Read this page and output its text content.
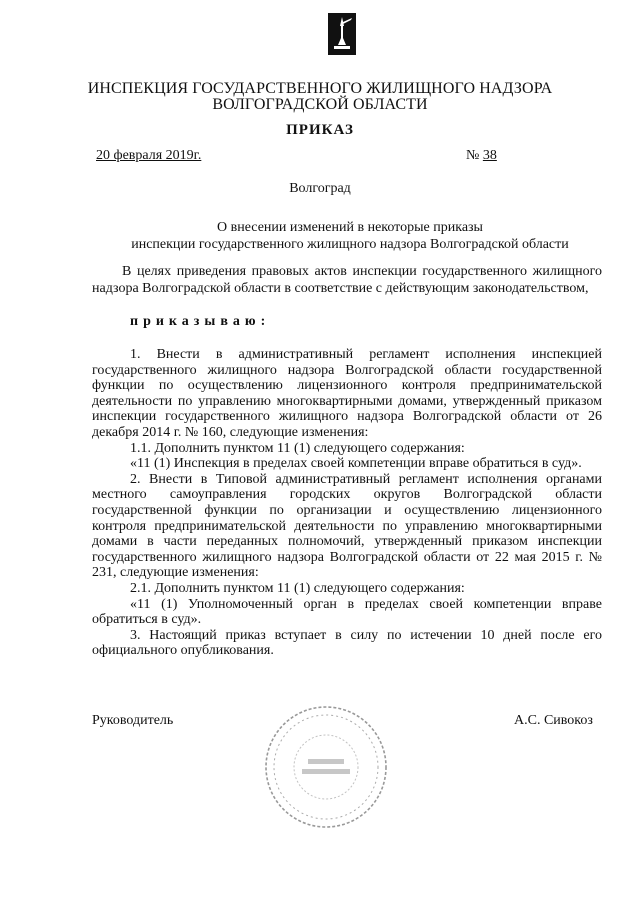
ИНСПЕКЦИЯ ГОСУДАРСТВЕННОГО ЖИЛИЩНОГО НАДЗОРА
ВОЛГОГРАДСКОЙ ОБЛАСТИ
ПРИКАЗ
20 февраля 2019г.	№ 38
Волгоград
О внесении изменений в некоторые приказы
инспекции государственного жилищного надзора Волгоградской области
В целях приведения правовых актов инспекции государственного жилищного надзора Волгоградской области в соответствие с действующим законодательством,
приказываю:

1. Внести в административный регламент исполнения инспекцией государственного жилищного надзора Волгоградской области государственной функции по осуществлению лицензионного контроля предпринимательской деятельности по управлению многоквартирными домами, утвержденный приказом инспекции государственного жилищного надзора Волгоградской области от 26 декабря 2014 г. № 160, следующие изменения:

1.1. Дополнить пунктом 11 (1) следующего содержания:

«11 (1) Инспекция в пределах своей компетенции вправе обратиться в суд».

2. Внести в Типовой административный регламент исполнения органами местного самоуправления городских округов Волгоградской области государственной функции по организации и осуществлению лицензионного контроля предпринимательской деятельности по управлению многоквартирными домами в части переданных полномочий, утвержденный приказом инспекции государственного жилищного надзора Волгоградской области от 22 мая 2015 г. № 231, следующие изменения:

2.1. Дополнить пунктом 11 (1) следующего содержания:

«11 (1) Уполномоченный орган в пределах своей компетенции вправе обратиться в суд».

3. Настоящий приказ вступает в силу по истечении 10 дней после его официального опубликования.

Руководитель	А.С. Сивокоз
